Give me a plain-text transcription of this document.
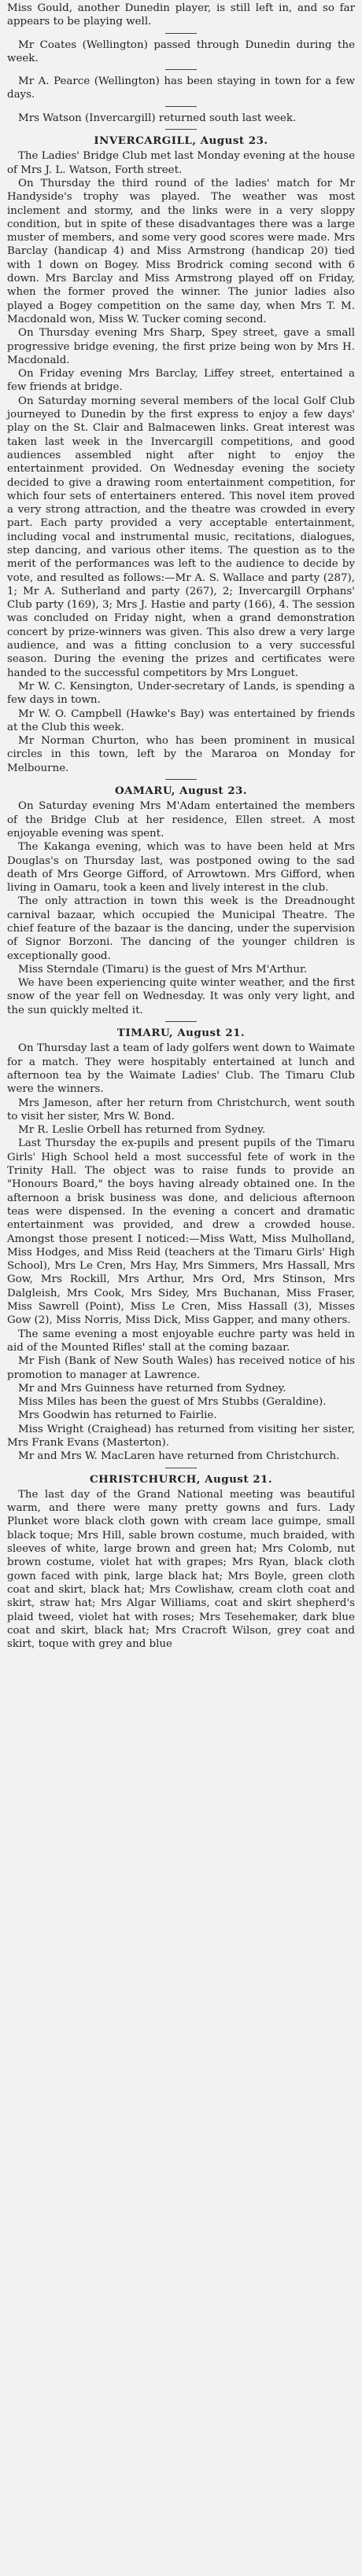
Miss Gould, another Dunedin player, is still left in, and so far appears to be playing well.

Mr Coates (Wellington) passed through Dunedin during the week.

Mr A. Pearce (Wellington) has been staying in town for a few days.

Mrs Watson (Invercargill) returned south last week.

INVERCARGILL, August 23.

The Ladies' Bridge Club met last Monday evening at the house of Mrs J. L. Watson, Forth street.

On Thursday the third round of the ladies' match for Mr Handyside's trophy was played. The weather was most inclement and stormy, and the links were in a very sloppy condition, but in spite of these disadvantages there was a large muster of members, and some very good scores were made. Mrs Barclay (handicap 4) and Miss Armstrong (handicap 20) tied with 1 down on Bogey. Miss Brodrick coming second with 6 down. Mrs Barclay and Miss Armstrong played off on Friday, when the former proved the winner. The junior ladies also played a Bogey competition on the same day, when Mrs T. M. Macdonald won, Miss W. Tucker coming second.

On Thursday evening Mrs Sharp, Spey street, gave a small progressive bridge evening, the first prize being won by Mrs H. Macdonald.

On Friday evening Mrs Barclay, Liffey street, entertained a few friends at bridge.

On Saturday morning several members of the local Golf Club journeyed to Dunedin by the first express to enjoy a few days' play on the St. Clair and Balmacewen links. Great interest was taken last week in the Invercargill competitions, and good audiences assembled night after night to enjoy the entertainment provided. On Wednesday evening the society decided to give a drawing room entertainment competition, for which four sets of entertainers entered. This novel item proved a very strong attraction, and the theatre was crowded in every part. Each party provided a very acceptable entertainment, including vocal and instrumental music, recitations, dialogues, step dancing, and various other items. The question as to the merit of the performances was left to the audience to decide by vote, and resulted as follows:—Mr A. S. Wallace and party (287), 1; Mr A. Sutherland and party (267), 2; Invercargill Orphans' Club party (169), 3; Mrs J. Hastie and party (166), 4. The session was concluded on Friday night, when a grand demonstration concert by prize-winners was given. This also drew a very large audience, and was a fitting conclusion to a very successful season. During the evening the prizes and certificates were handed to the successful competitors by Mrs Longuet.

Mr W. C. Kensington, Under-secretary of Lands, is spending a few days in town.

Mr W. O. Campbell (Hawke's Bay) was entertained by friends at the Club this week.

Mr Norman Churton, who has been prominent in musical circles in this town, left by the Mararoa on Monday for Melbourne.

OAMARU, August 23.

On Saturday evening Mrs M'Adam entertained the members of the Bridge Club at her residence, Ellen street. A most enjoyable evening was spent.

The Kakanga evening, which was to have been held at Mrs Douglas's on Thursday last, was postponed owing to the sad death of Mrs George Gifford, of Arrowtown. Mrs Gifford, when living in Oamaru, took a keen and lively interest in the club.

The only attraction in town this week is the Dreadnought carnival bazaar, which occupied the Municipal Theatre. The chief feature of the bazaar is the dancing, under the supervision of Signor Borzoni. The dancing of the younger children is exceptionally good.

Miss Sterndale (Timaru) is the guest of Mrs M'Arthur.

We have been experiencing quite winter weather, and the first snow of the year fell on Wednesday. It was only very light, and the sun quickly melted it.

TIMARU, August 21.

On Thursday last a team of lady golfers went down to Waimate for a match. They were hospitably entertained at lunch and afternoon tea by the Waimate Ladies' Club. The Timaru Club were the winners.

Mrs Jameson, after her return from Christchurch, went south to visit her sister, Mrs W. Bond.

Mr R. Leslie Orbell has returned from Sydney.

Last Thursday the ex-pupils and present pupils of the Timaru Girls' High School held a most successful fete of work in the Trinity Hall. The object was to raise funds to provide an "Honours Board," the boys having already obtained one. In the afternoon a brisk business was done, and delicious afternoon teas were dispensed. In the evening a concert and dramatic entertainment was provided, and drew a crowded house. Amongst those present I noticed:—Miss Watt, Miss Mulholland, Miss Hodges, and Miss Reid (teachers at the Timaru Girls' High School), Mrs Le Cren, Mrs Hay, Mrs Simmers, Mrs Hassall, Mrs Gow, Mrs Rockill, Mrs Arthur, Mrs Ord, Mrs Stinson, Mrs Dalgleish, Mrs Cook, Mrs Sidey, Mrs Buchanan, Miss Fraser, Miss Sawrell (Point), Miss Le Cren, Miss Hassall (3), Misses Gow (2), Miss Norris, Miss Dick, Miss Gapper, and many others.

The same evening a most enjoyable euchre party was held in aid of the Mounted Rifles' stall at the coming bazaar.

Mr Fish (Bank of New South Wales) has received notice of his promotion to manager at Lawrence.

Mr and Mrs Guinness have returned from Sydney.

Miss Miles has been the guest of Mrs Stubbs (Geraldine).

Mrs Goodwin has returned to Fairlie.

Miss Wright (Craighead) has returned from visiting her sister, Mrs Frank Evans (Masterton).

Mr and Mrs W. MacLaren have returned from Christchurch.

CHRISTCHURCH, August 21.

The last day of the Grand National meeting was beautiful warm, and there were many pretty gowns and furs. Lady Plunket wore black cloth gown with cream lace guimpe, small black toque; Mrs Hill, sable brown costume, much braided, with sleeves of white, large brown and green hat; Mrs Colomb, nut brown costume, violet hat with grapes; Mrs Ryan, black cloth gown faced with pink, large black hat; Mrs Boyle, green cloth coat and skirt, black hat; Mrs Cowlishaw, cream cloth coat and skirt, straw hat; Mrs Algar Williams, coat and skirt shepherd's plaid tweed, violet hat with roses; Mrs Tesehemaker, dark blue coat and skirt, black hat; Mrs Cracroft Wilson, grey coat and skirt, toque with grey and blue
